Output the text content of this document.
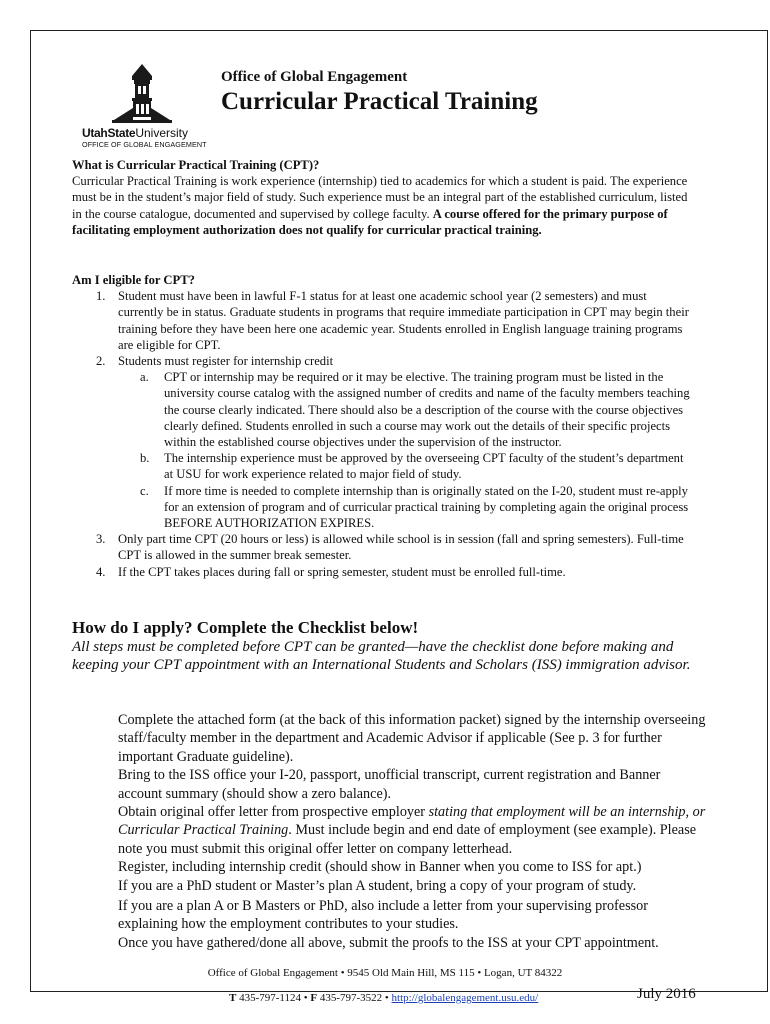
UtahStateUniversity
OFFICE OF GLOBAL ENGAGEMENT
Office of Global Engagement
Curricular Practical Training

What is Curricular Practical Training (CPT)?

Curricular Practical Training is work experience (internship) tied to academics for which a student is paid. The experience must be in the student’s major field of study. Such experience must be an integral part of the established curriculum, listed in the course catalogue, documented and supervised by college faculty. A course offered for the primary purpose of facilitating employment authorization does not qualify for curricular practical training.

Am I eligible for CPT?

1. Student must have been in lawful F-1 status for at least one academic school year (2 semesters) and must currently be in status. Graduate students in programs that require immediate participation in CPT may begin their training before they have been here one academic year. Students enrolled in English language training programs are eligible for CPT.
2. Students must register for internship credit
a. CPT or internship may be required or it may be elective. The training program must be listed in the university course catalog with the assigned number of credits and name of the faculty members teaching the course clearly indicated. There should also be a description of the course with the course objectives clearly defined. Students enrolled in such a course may work out the details of their specific projects within the established course objectives under the supervision of the instructor.
b. The internship experience must be approved by the overseeing CPT faculty of the student’s department at USU for work experience related to major field of study.
c. If more time is needed to complete internship than is originally stated on the I-20, student must re-apply for an extension of program and of curricular practical training by completing again the original process BEFORE AUTHORIZATION EXPIRES.
3. Only part time CPT (20 hours or less) is allowed while school is in session (fall and spring semesters). Full-time CPT is allowed in the summer break semester.
4. If the CPT takes places during fall or spring semester, student must be enrolled full-time.
How do I apply? Complete the Checklist below!
All steps must be completed before CPT can be granted—have the checklist done before making and keeping your CPT appointment with an International Students and Scholars (ISS) immigration advisor.

Complete the attached form (at the back of this information packet) signed by the internship overseeing staff/faculty member in the department and Academic Advisor if applicable (See p. 3 for further important Graduate guideline).

Bring to the ISS office your I-20, passport, unofficial transcript, current registration and Banner account summary (should show a zero balance).

Obtain original offer letter from prospective employer stating that employment will be an internship, or Curricular Practical Training. Must include begin and end date of employment (see example). Please note you must submit this original offer letter on company letterhead.

Register, including internship credit (should show in Banner when you come to ISS for apt.)

If you are a PhD student or Master’s plan A student, bring a copy of your program of study.

If you are a plan A or B Masters or PhD, also include a letter from your supervising professor explaining how the employment contributes to your studies.

Once you have gathered/done all above, submit the proofs to the ISS at your CPT appointment.

Office of Global Engagement • 9545 Old Main Hill, MS 115 • Logan, UT 84322
T 435-797-1124 • F 435-797-3522 • http://globalengagement.usu.edu/	July 2016
